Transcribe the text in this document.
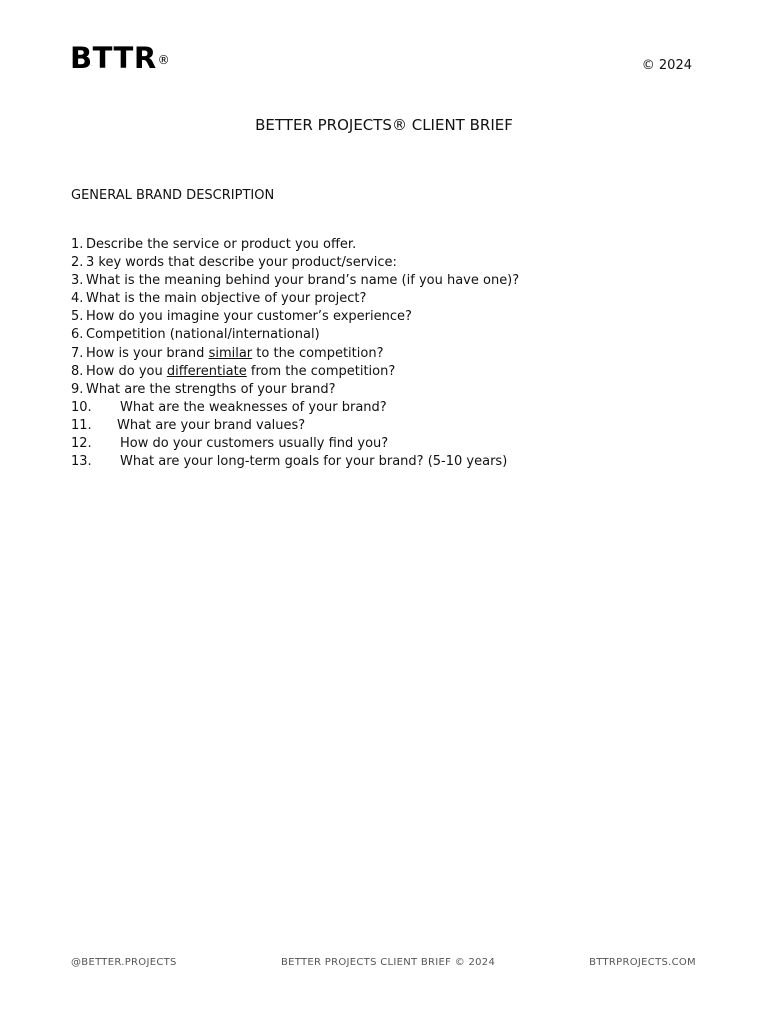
BTTR®	© 2024
BETTER PROJECTS® CLIENT BRIEF
GENERAL BRAND DESCRIPTION
1. Describe the service or product you offer.
2. 3 key words that describe your product/service:
3. What is the meaning behind your brand’s name (if you have one)?
4. What is the main objective of your project?
5. How do you imagine your customer’s experience?
6. Competition (national/international)
7. How is your brand similar to the competition?
8. How do you differentiate from the competition?
9. What are the strengths of your brand?
10.	What are the weaknesses of your brand?
11.	What are your brand values?
12.	How do your customers usually find you?
13.	What are your long-term goals for your brand? (5-10 years)
@BETTER.PROJECTS	BETTER PROJECTS CLIENT BRIEF © 2024	BTTRPROJECTS.COM
